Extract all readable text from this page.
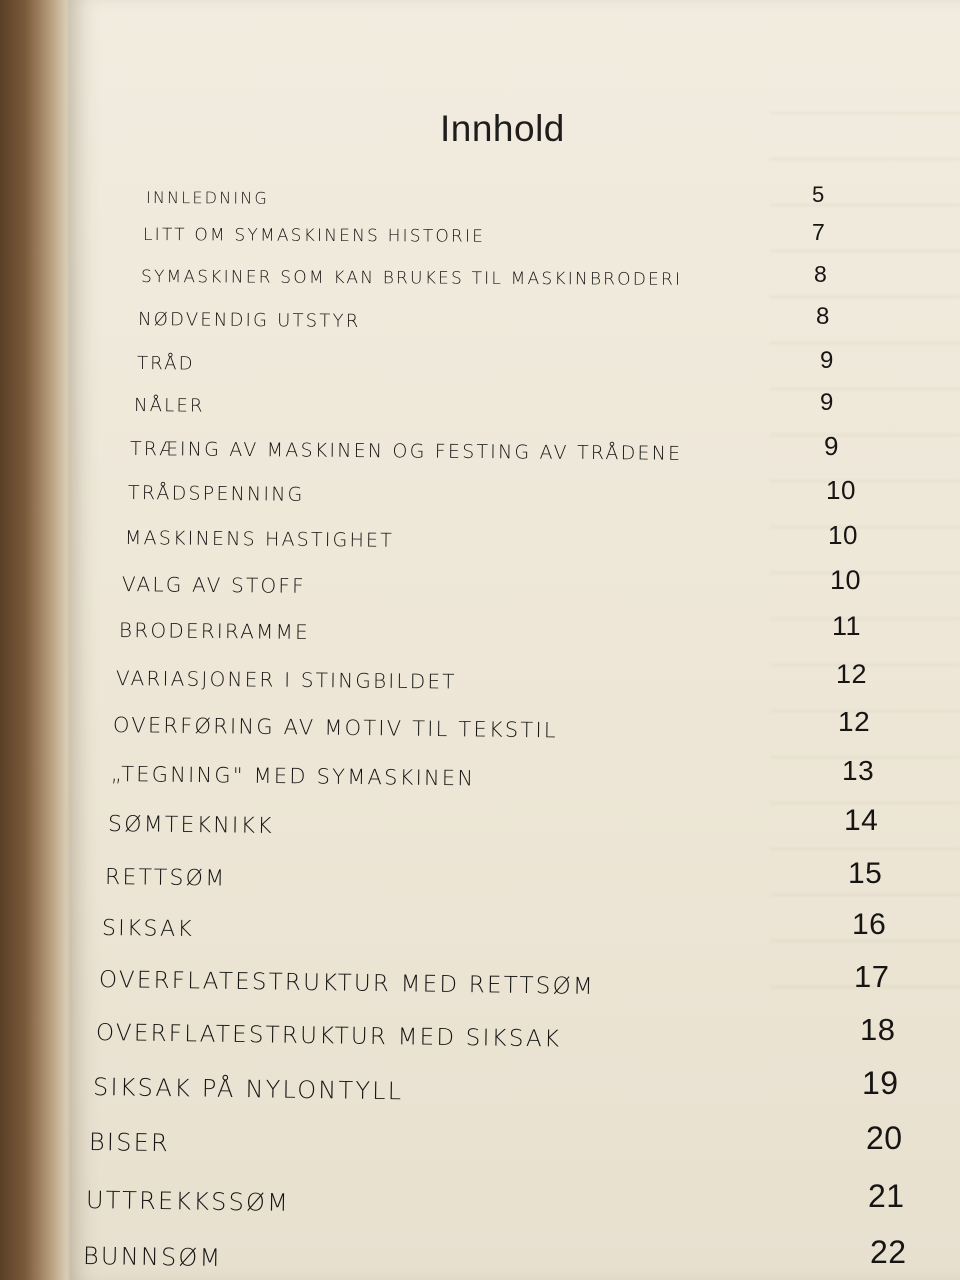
Innhold
INNLEDNING	5
LITT OM SYMASKINENS HISTORIE	7
SYMASKINER SOM KAN BRUKES TIL MASKINBRODERI	8
NØDVENDIG UTSTYR	8
TRÅD	9
NÅLER	9
TRÆING AV MASKINEN OG FESTING AV TRÅDENE	9
TRÅDSPENNING	10
MASKINENS HASTIGHET	10
VALG AV STOFF	10
BRODERIRAMME	11
VARIASJONER I STINGBILDET	12
OVERFØRING AV MOTIV TIL TEKSTIL	12
„TEGNING" MED SYMASKINEN	13
SØMTEKNIKK	14
RETTSØM	15
SIKSAK	16
OVERFLATESTRUKTUR MED RETTSØM	17
OVERFLATESTRUKTUR MED SIKSAK	18
SIKSAK PÅ NYLONTYLL	19
BISER	20
UTTREKKSSØM	21
BUNNSØM	22
